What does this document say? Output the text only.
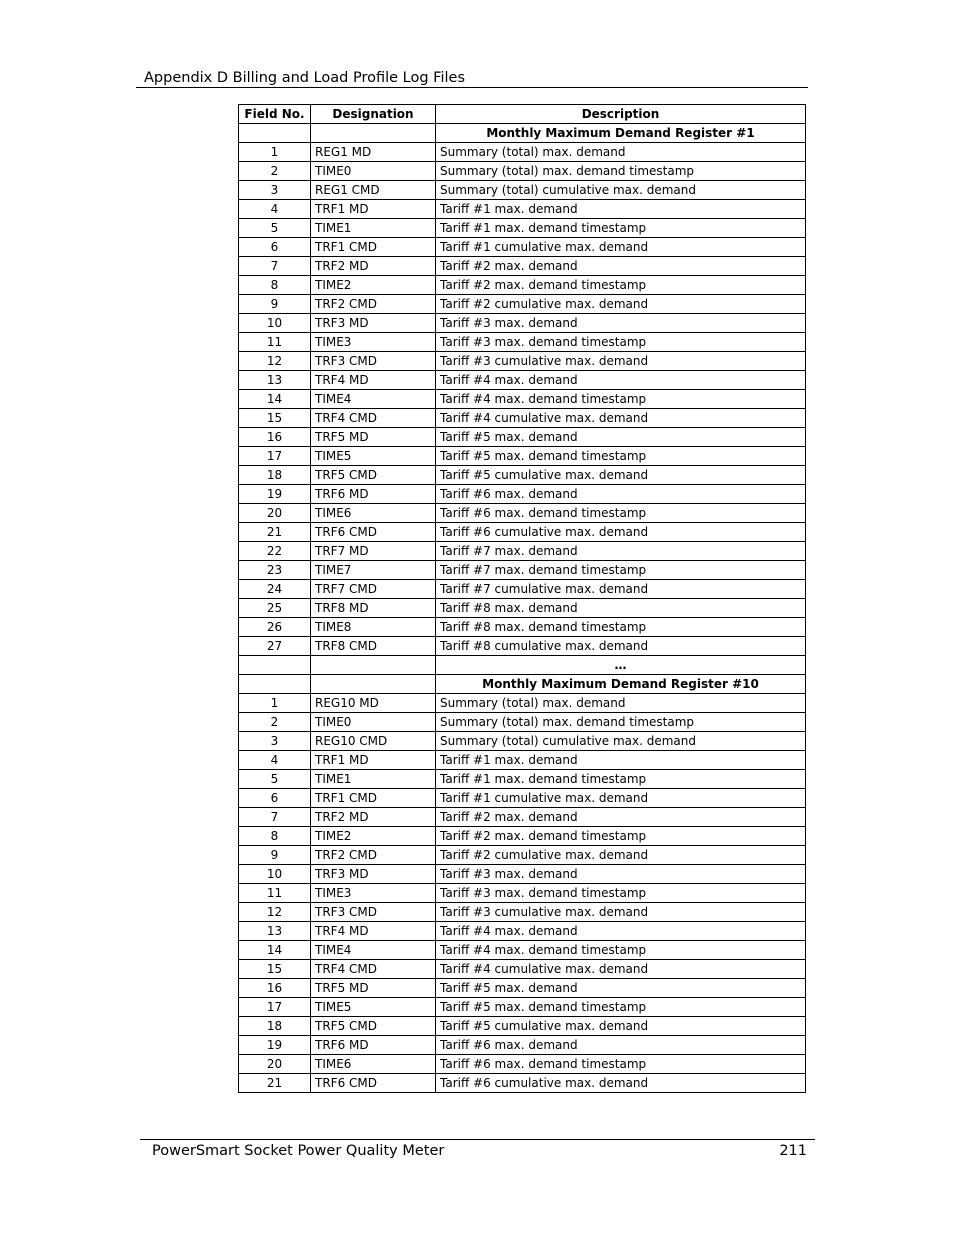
Appendix D Billing and Load Profile Log Files
Field No.	Designation	Description
		Monthly Maximum Demand Register #1
1	REG1 MD	Summary (total) max. demand
2	TIME0	Summary (total) max. demand timestamp
3	REG1 CMD	Summary (total) cumulative max. demand
4	TRF1 MD	Tariff #1 max. demand
5	TIME1	Tariff #1 max. demand timestamp
6	TRF1 CMD	Tariff #1 cumulative max. demand
7	TRF2 MD	Tariff #2 max. demand
8	TIME2	Tariff #2 max. demand timestamp
9	TRF2 CMD	Tariff #2 cumulative max. demand
10	TRF3 MD	Tariff #3 max. demand
11	TIME3	Tariff #3 max. demand timestamp
12	TRF3 CMD	Tariff #3 cumulative max. demand
13	TRF4 MD	Tariff #4 max. demand
14	TIME4	Tariff #4 max. demand timestamp
15	TRF4 CMD	Tariff #4 cumulative max. demand
16	TRF5 MD	Tariff #5 max. demand
17	TIME5	Tariff #5 max. demand timestamp
18	TRF5 CMD	Tariff #5 cumulative max. demand
19	TRF6 MD	Tariff #6 max. demand
20	TIME6	Tariff #6 max. demand timestamp
21	TRF6 CMD	Tariff #6 cumulative max. demand
22	TRF7 MD	Tariff #7 max. demand
23	TIME7	Tariff #7 max. demand timestamp
24	TRF7 CMD	Tariff #7 cumulative max. demand
25	TRF8 MD	Tariff #8 max. demand
26	TIME8	Tariff #8 max. demand timestamp
27	TRF8 CMD	Tariff #8 cumulative max. demand
		…
		Monthly Maximum Demand Register #10
1	REG10 MD	Summary (total) max. demand
2	TIME0	Summary (total) max. demand timestamp
3	REG10 CMD	Summary (total) cumulative max. demand
4	TRF1 MD	Tariff #1 max. demand
5	TIME1	Tariff #1 max. demand timestamp
6	TRF1 CMD	Tariff #1 cumulative max. demand
7	TRF2 MD	Tariff #2 max. demand
8	TIME2	Tariff #2 max. demand timestamp
9	TRF2 CMD	Tariff #2 cumulative max. demand
10	TRF3 MD	Tariff #3 max. demand
11	TIME3	Tariff #3 max. demand timestamp
12	TRF3 CMD	Tariff #3 cumulative max. demand
13	TRF4 MD	Tariff #4 max. demand
14	TIME4	Tariff #4 max. demand timestamp
15	TRF4 CMD	Tariff #4 cumulative max. demand
16	TRF5 MD	Tariff #5 max. demand
17	TIME5	Tariff #5 max. demand timestamp
18	TRF5 CMD	Tariff #5 cumulative max. demand
19	TRF6 MD	Tariff #6 max. demand
20	TIME6	Tariff #6 max. demand timestamp
21	TRF6 CMD	Tariff #6 cumulative max. demand
PowerSmart Socket Power Quality Meter	211
